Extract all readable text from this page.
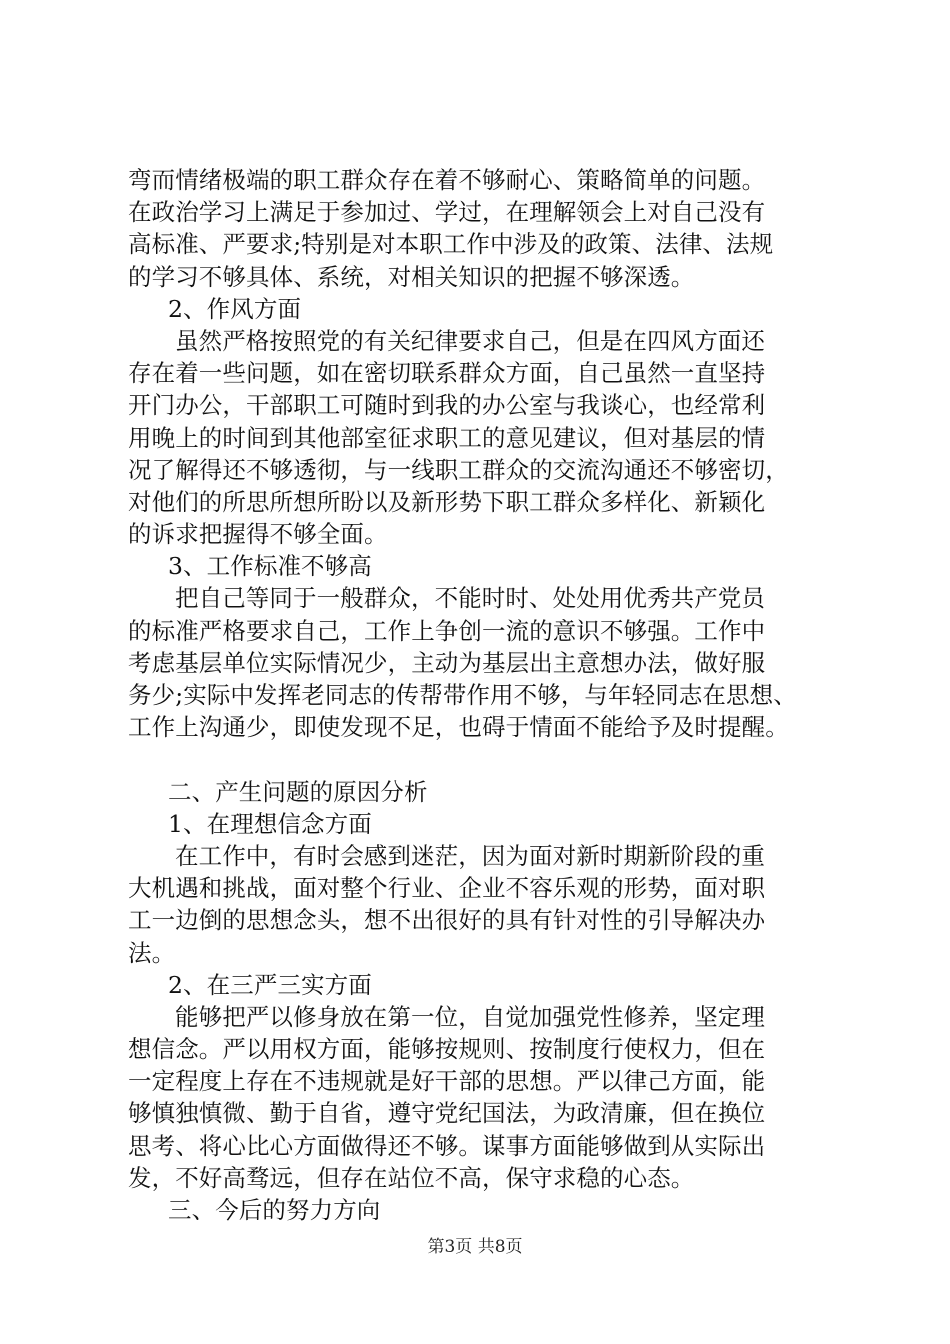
弯而情绪极端的职工群众存在着不够耐心、策略简单的问题。
在政治学习上满足于参加过、学过，在理解领会上对自己没有
高标准、严要求;特别是对本职工作中涉及的政策、法律、法规
的学习不够具体、系统，对相关知识的把握不够深透。
2、作风方面
虽然严格按照党的有关纪律要求自己，但是在四风方面还
存在着一些问题，如在密切联系群众方面，自己虽然一直坚持
开门办公，干部职工可随时到我的办公室与我谈心，也经常利
用晚上的时间到其他部室征求职工的意见建议，但对基层的情
况了解得还不够透彻，与一线职工群众的交流沟通还不够密切，
对他们的所思所想所盼以及新形势下职工群众多样化、新颖化
的诉求把握得不够全面。
3、工作标准不够高
把自己等同于一般群众，不能时时、处处用优秀共产党员
的标准严格要求自己，工作上争创一流的意识不够强。工作中
考虑基层单位实际情况少，主动为基层出主意想办法，做好服
务少;实际中发挥老同志的传帮带作用不够，与年轻同志在思想、
工作上沟通少，即使发现不足，也碍于情面不能给予及时提醒。
二、产生问题的原因分析
1、在理想信念方面
在工作中，有时会感到迷茫，因为面对新时期新阶段的重
大机遇和挑战，面对整个行业、企业不容乐观的形势，面对职
工一边倒的思想念头，想不出很好的具有针对性的引导解决办
法。
2、在三严三实方面
能够把严以修身放在第一位，自觉加强党性修养，坚定理
想信念。严以用权方面，能够按规则、按制度行使权力，但在
一定程度上存在不违规就是好干部的思想。严以律己方面，能
够慎独慎微、勤于自省，遵守党纪国法，为政清廉，但在换位
思考、将心比心方面做得还不够。谋事方面能够做到从实际出
发，不好高骛远，但存在站位不高，保守求稳的心态。
三、今后的努力方向
第3页 共8页
